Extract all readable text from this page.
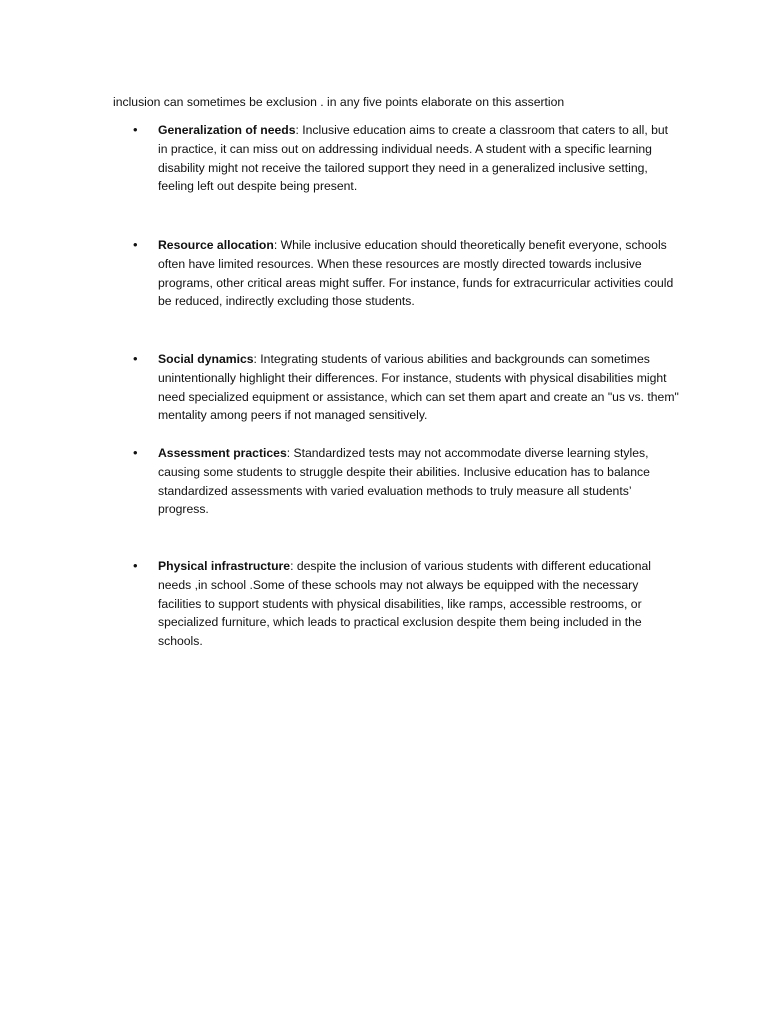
inclusion can sometimes be exclusion . in any five points elaborate on this assertion
•	Generalization of needs: Inclusive education aims to create a classroom that caters to all, but in practice, it can miss out on addressing individual needs. A student with a specific learning disability might not receive the tailored support they need in a generalized inclusive setting, feeling left out despite being present.
•	Resource allocation: While inclusive education should theoretically benefit everyone, schools often have limited resources. When these resources are mostly directed towards inclusive programs, other critical areas might suffer. For instance, funds for extracurricular activities could be reduced, indirectly excluding those students.
•	Social dynamics: Integrating students of various abilities and backgrounds can sometimes unintentionally highlight their differences. For instance, students with physical disabilities might need specialized equipment or assistance, which can set them apart and create an "us vs. them" mentality among peers if not managed sensitively.
•	Assessment practices: Standardized tests may not accommodate diverse learning styles, causing some students to struggle despite their abilities. Inclusive education has to balance standardized assessments with varied evaluation methods to truly measure all students’ progress.
•	Physical infrastructure: despite the inclusion of various students with different educational needs ,in school .Some of these schools may not always be equipped with the necessary facilities to support students with physical disabilities, like ramps, accessible restrooms, or specialized furniture, which leads to practical exclusion despite them being included in the schools.
